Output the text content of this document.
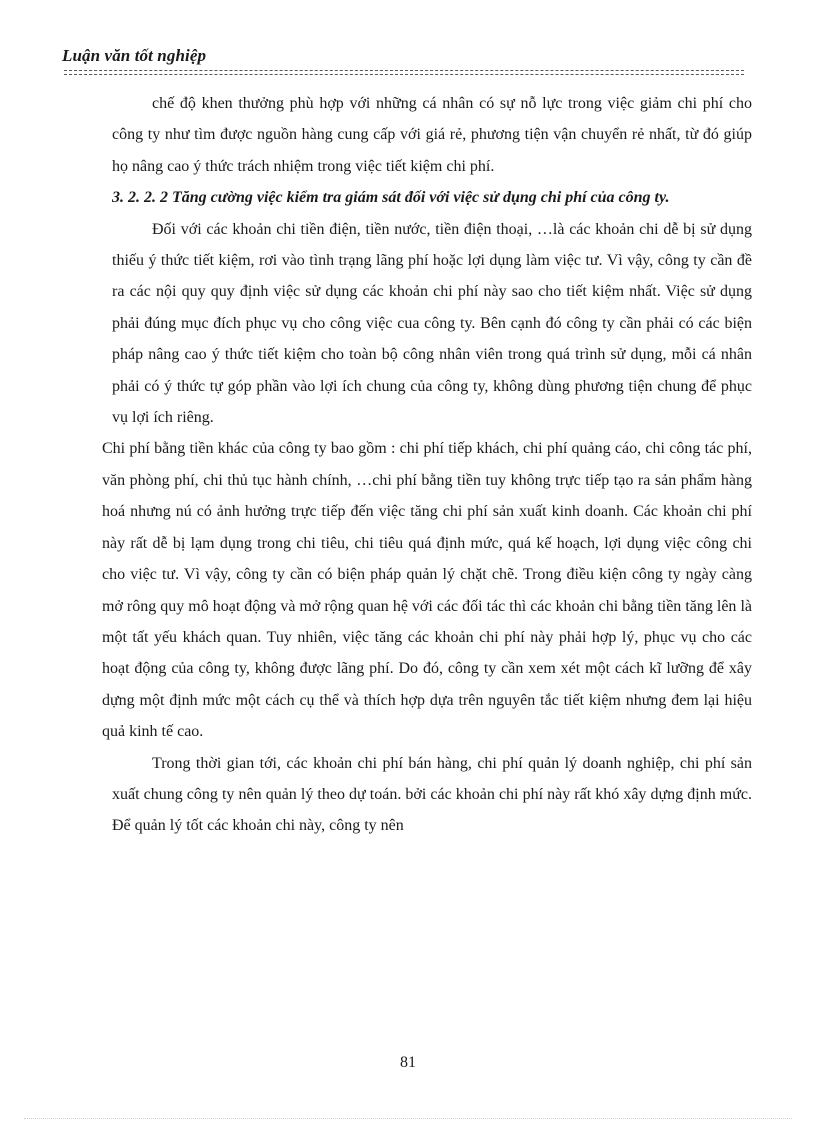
Luận văn tốt nghiệp

chế độ khen thưởng phù hợp với những cá nhân có sự nỗ lực trong việc giảm chi phí cho công ty như tìm được nguồn hàng cung cấp với giá rẻ, phương tiện vận chuyển rẻ nhất, từ đó giúp họ nâng cao ý thức trách nhiệm trong việc tiết kiệm chi phí.

3. 2. 2. 2 Tăng cường việc kiểm tra giám sát đối với việc sử dụng chi phí của công ty.

Đối với các khoản chi tiền điện, tiền nước, tiền điện thoại, …là các khoản chi dễ bị sử dụng thiếu ý thức tiết kiệm, rơi vào tình trạng lãng phí hoặc lợi dụng làm việc tư. Vì vậy, công ty cần đề ra các nội quy quy định việc sử dụng các khoản chi phí này sao cho tiết kiệm nhất. Việc sử dụng phải đúng mục đích phục vụ cho công việc cua công ty. Bên cạnh đó công ty cần phải có các biện pháp nâng cao ý thức tiết kiệm cho toàn bộ công nhân viên trong quá trình sử dụng, mỗi cá nhân phải có ý thức tự góp phần vào lợi ích chung của công ty, không dùng phương tiện chung để phục vụ lợi ích riêng.

Chi phí bằng tiền khác của công ty bao gồm : chi phí tiếp khách, chi phí quảng cáo, chi công tác phí, văn phòng phí, chi thủ tục hành chính, …chi phí bằng tiền tuy không trực tiếp tạo ra sản phẩm hàng hoá nhưng nú có ảnh hưởng trực tiếp đến việc tăng chi phí sản xuất kinh doanh. Các khoản chi phí này rất dễ bị lạm dụng trong chi tiêu, chi tiêu quá định mức, quá kế hoạch, lợi dụng việc công chi cho việc tư. Vì vậy, công ty cần có biện pháp quản lý chặt chẽ. Trong điều kiện công ty ngày càng mở rông quy mô hoạt động và mở rộng quan hệ với các đối tác thì các khoản chi bằng tiền tăng lên là một tất yếu khách quan. Tuy nhiên, việc tăng các khoản chi phí này phải hợp lý, phục vụ cho các hoạt động của công ty, không được lãng phí. Do đó, công ty cần xem xét một cách kĩ lưỡng để xây dựng một định mức một cách cụ thể và thích hợp dựa trên nguyên tắc tiết kiệm nhưng đem lại hiệu quả kinh tế cao.

Trong thời gian tới, các khoản chi phí bán hàng, chi phí quản lý doanh nghiệp, chi phí sản xuất chung công ty nên quản lý theo dự toán. bởi các khoản chi phí này rất khó xây dựng định mức. Để quản lý tốt các khoản chi này, công ty nên

81
